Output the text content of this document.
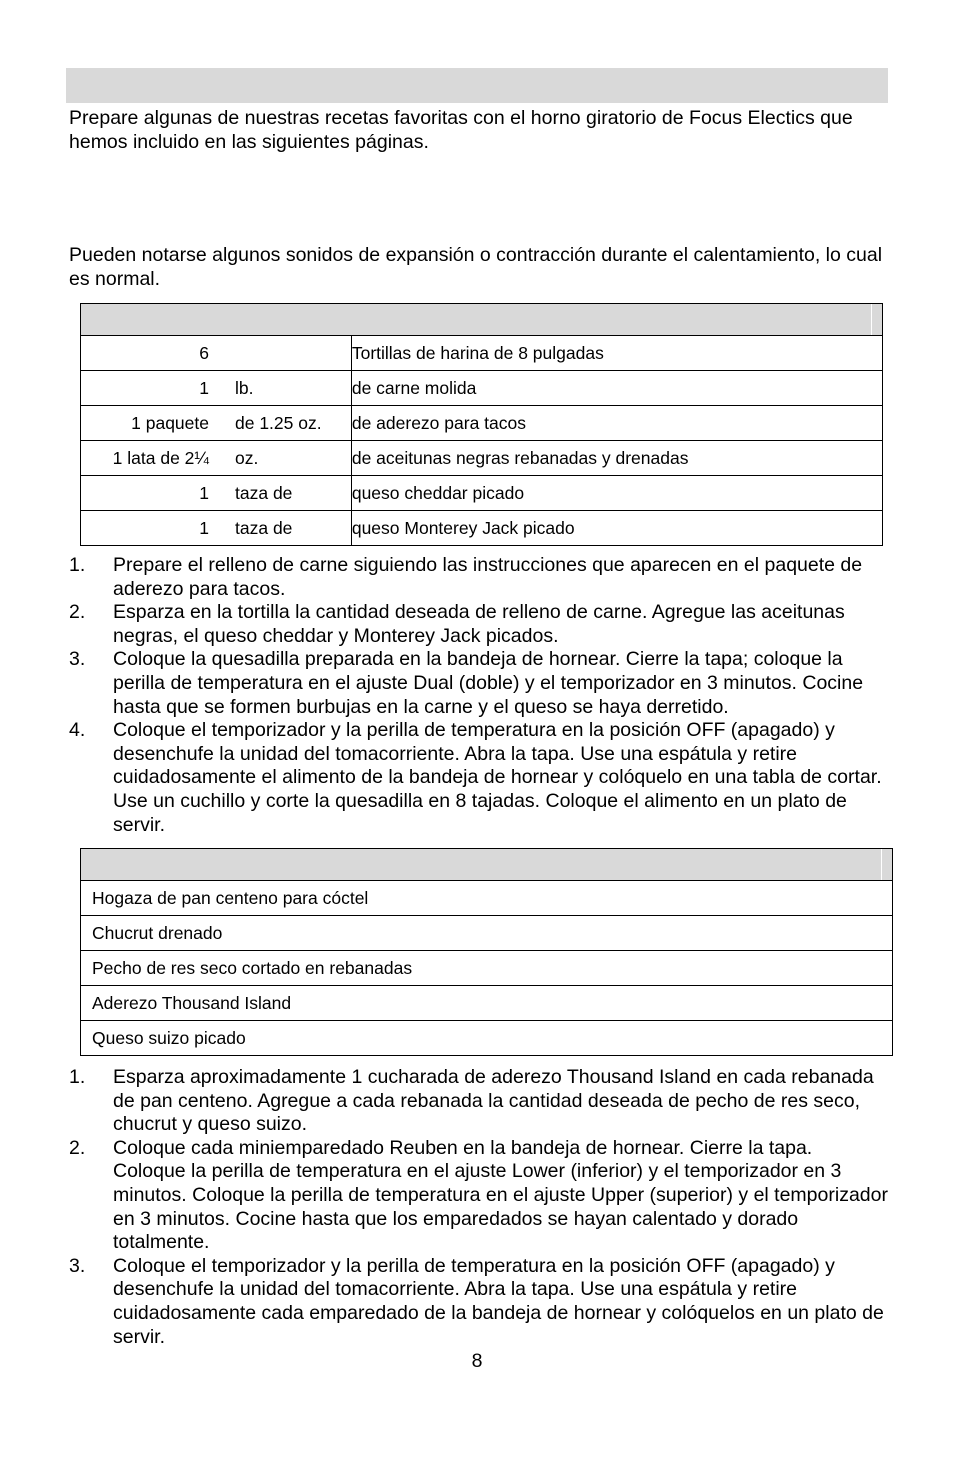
Prepare algunas de nuestras recetas favoritas con el horno giratorio de Focus Electics que hemos incluido en las siguientes páginas.
Pueden notarse algunos sonidos de expansión o contracción durante el calentamiento, lo cual es normal.

6	Tortillas de harina de 8 pulgadas

1 lb.	de carne molida

1 paquete de 1.25 oz.	de aderezo para tacos

1 lata de 2¼ oz.	de aceitunas negras rebanadas y drenadas

1 taza de	queso cheddar picado

1 taza de	queso Monterey Jack picado
1. Prepare el relleno de carne siguiendo las instrucciones que aparecen en el paquete de aderezo para tacos.
2. Esparza en la tortilla la cantidad deseada de relleno de carne. Agregue las aceitunas negras, el queso cheddar y Monterey Jack picados.
3. Coloque la quesadilla preparada en la bandeja de hornear. Cierre la tapa; coloque la perilla de temperatura en el ajuste Dual (doble) y el temporizador en 3 minutos. Cocine hasta que se formen burbujas en la carne y el queso se haya derretido.
4. Coloque el temporizador y la perilla de temperatura en la posición OFF (apagado) y desenchufe la unidad del tomacorriente. Abra la tapa. Use una espátula y retire cuidadosamente el alimento de la bandeja de hornear y colóquelo en una tabla de cortar. Use un cuchillo y corte la quesadilla en 8 tajadas. Coloque el alimento en un plato de servir.

Hogaza de pan centeno para cóctel
Chucrut drenado
Pecho de res seco cortado en rebanadas
Aderezo Thousand Island
Queso suizo picado
1. Esparza aproximadamente 1 cucharada de aderezo Thousand Island en cada rebanada de pan centeno. Agregue a cada rebanada la cantidad deseada de pecho de res seco, chucrut y queso suizo.
2. Coloque cada miniemparedado Reuben en la bandeja de hornear. Cierre la tapa. Coloque la perilla de temperatura en el ajuste Lower (inferior) y el temporizador en 3 minutos. Coloque la perilla de temperatura en el ajuste Upper (superior) y el temporizador en 3 minutos. Cocine hasta que los emparedados se hayan calentado y dorado totalmente.
3. Coloque el temporizador y la perilla de temperatura en la posición OFF (apagado) y desenchufe la unidad del tomacorriente. Abra la tapa. Use una espátula y retire cuidadosamente cada emparedado de la bandeja de hornear y colóquelos en un plato de servir.
8
